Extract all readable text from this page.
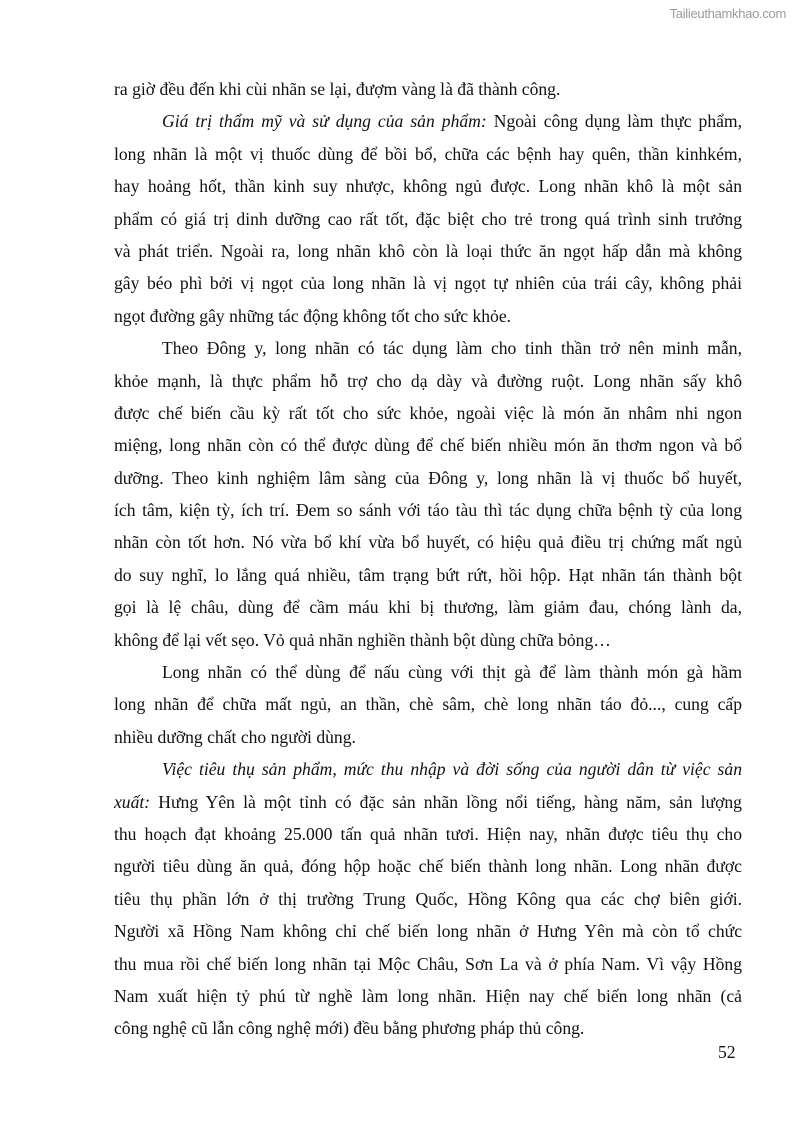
Tailieuthamkhao.com
ra giờ đều đến khi cùi nhãn se lại, đượm vàng là đã thành công.
Giá trị thẩm mỹ và sử dụng của sản phẩm: Ngoài công dụng làm thực phẩm,
long nhãn là một vị thuốc dùng để bồi bổ, chữa các bệnh hay quên, thần kinhkém,
hay hoảng hốt, thần kinh suy nhược, không ngủ được. Long nhãn khô là một sản
phẩm có giá trị dinh dưỡng cao rất tốt, đặc biệt cho trẻ trong quá trình sinh trưởng
và phát triển. Ngoài ra, long nhãn khô còn là loại thức ăn ngọt hấp dẫn mà không
gây béo phì bởi vị ngọt của long nhãn là vị ngọt tự nhiên của trái cây, không phải
ngọt đường gây những tác động không tốt cho sức khỏe.
Theo Đông y, long nhãn có tác dụng làm cho tinh thần trở nên minh mẫn,
khỏe mạnh, là thực phẩm hỗ trợ cho dạ dày và đường ruột. Long nhãn sấy khô
được chế biến cầu kỳ rất tốt cho sức khỏe, ngoài việc là món ăn nhâm nhi ngon
miệng, long nhãn còn có thể được dùng để chế biến nhiều món ăn thơm ngon và bổ
dưỡng. Theo kinh nghiệm lâm sàng của Đông y, long nhãn là vị thuốc bổ huyết,
ích tâm, kiện tỳ, ích trí. Đem so sánh với táo tàu thì tác dụng chữa bệnh tỳ của long
nhãn còn tốt hơn. Nó vừa bổ khí vừa bổ huyết, có hiệu quả điều trị chứng mất ngủ
do suy nghĩ, lo lắng quá nhiều, tâm trạng bứt rứt, hồi hộp. Hạt nhãn tán thành bột
gọi là lệ châu, dùng để cầm máu khi bị thương, làm giảm đau, chóng lành da,
không để lại vết sẹo. Vỏ quả nhãn nghiền thành bột dùng chữa bỏng…
Long nhãn có thể dùng để nấu cùng với thịt gà để làm thành món gà hầm
long nhãn để chữa mất ngủ, an thần, chè sâm, chè long nhãn táo đỏ..., cung cấp
nhiều dưỡng chất cho người dùng.
Việc tiêu thụ sản phẩm, mức thu nhập và đời sống của người dân từ việc sản
xuất: Hưng Yên là một tỉnh có đặc sản nhãn lồng nổi tiếng, hàng năm, sản lượng
thu hoạch đạt khoảng 25.000 tấn quả nhãn tươi. Hiện nay, nhãn được tiêu thụ cho
người tiêu dùng ăn quả, đóng hộp hoặc chế biến thành long nhãn. Long nhãn được
tiêu thụ phần lớn ở thị trường Trung Quốc, Hồng Kông qua các chợ biên giới.
Người xã Hồng Nam không chỉ chế biến long nhãn ở Hưng Yên mà còn tổ chức
thu mua rồi chế biến long nhãn tại Mộc Châu, Sơn La và ở phía Nam. Vì vậy Hồng
Nam xuất hiện tỷ phú từ nghề làm long nhãn. Hiện nay chế biến long nhãn (cả
công nghệ cũ lẫn công nghệ mới) đều bằng phương pháp thủ công.
52
